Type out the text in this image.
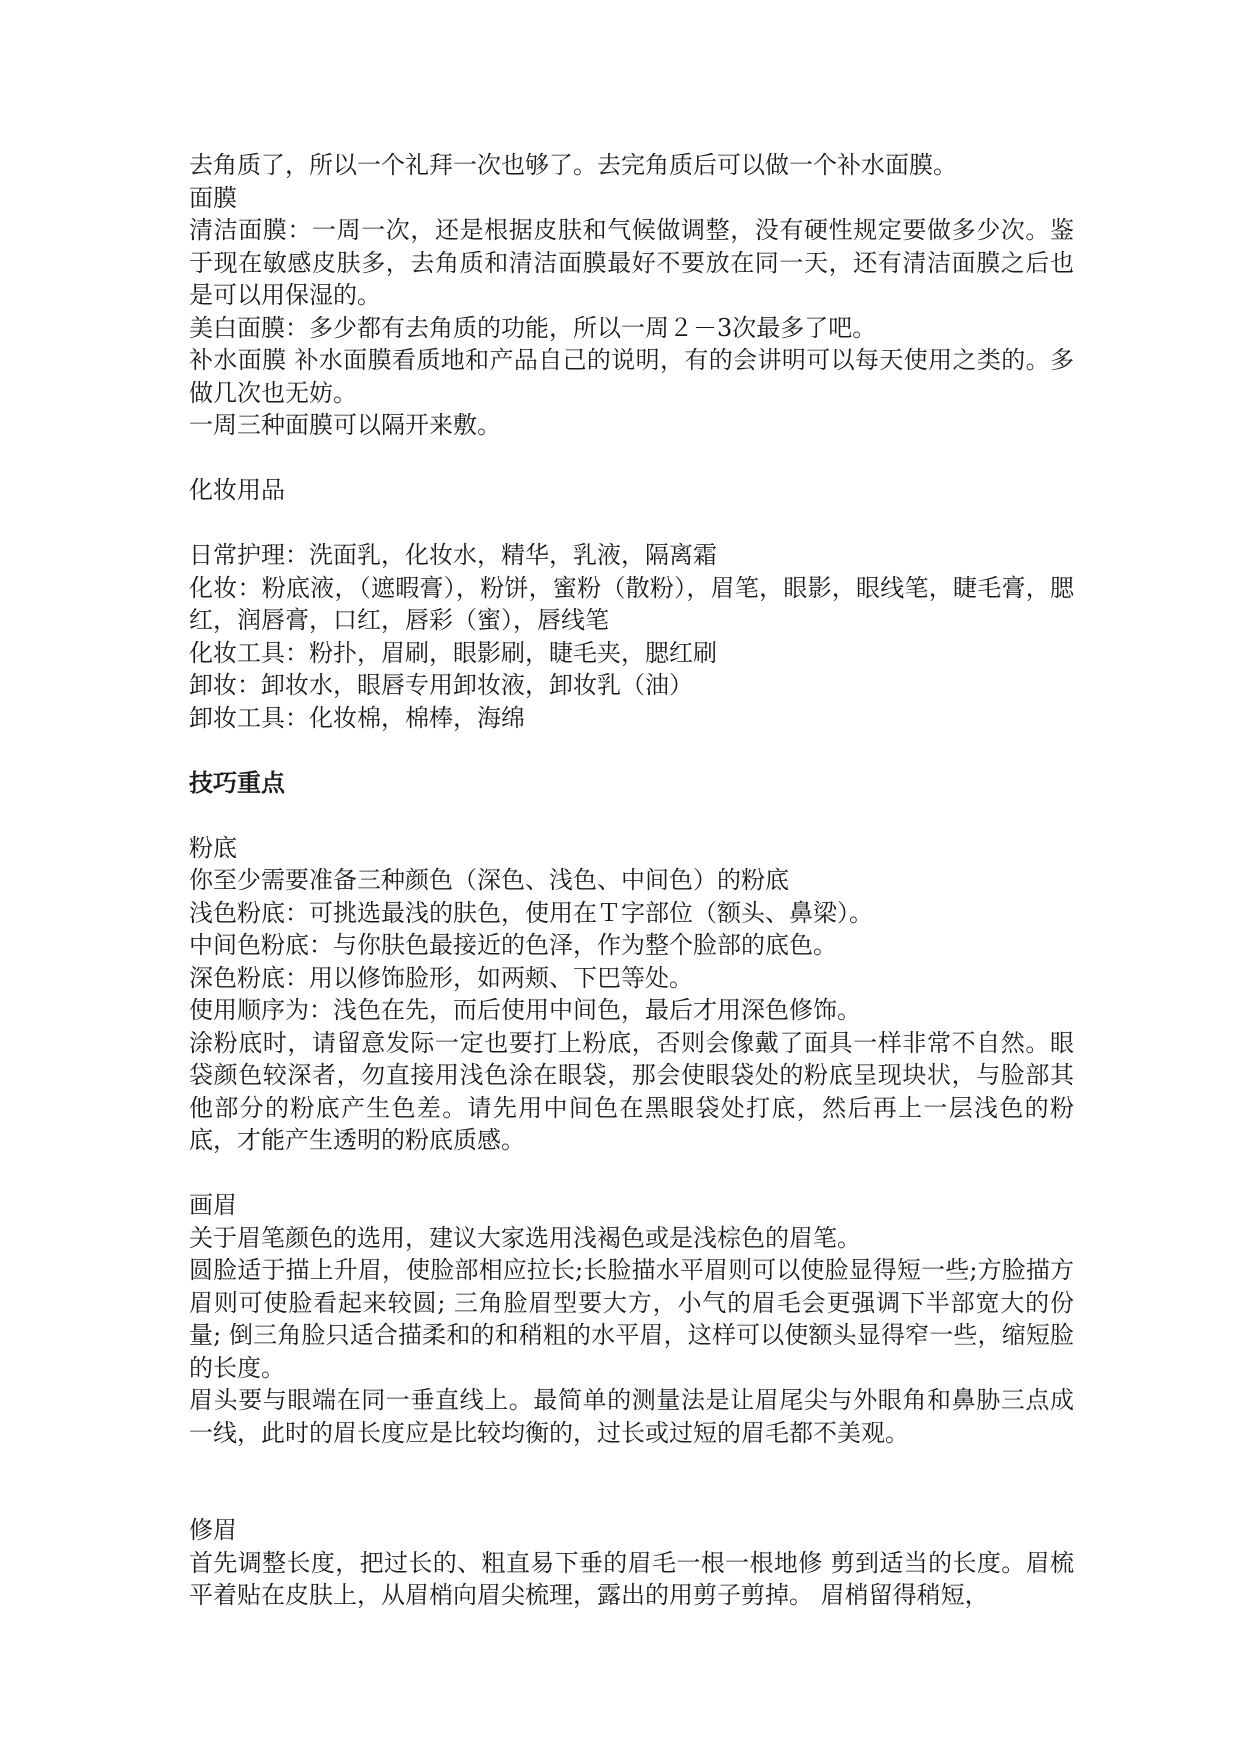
去角质了，所以一个礼拜一次也够了。去完角质后可以做一个补水面膜。

面膜

清洁面膜：一周一次，还是根据皮肤和气候做调整，没有硬性规定要做多少次。鉴于现在敏感皮肤多，去角质和清洁面膜最好不要放在同一天，还有清洁面膜之后也是可以用保湿的。

美白面膜：多少都有去角质的功能，所以一周２－3次最多了吧。

补水面膜 补水面膜看质地和产品自己的说明，有的会讲明可以每天使用之类的。多做几次也无妨。

一周三种面膜可以隔开来敷。

化妆用品

日常护理：洗面乳，化妆水，精华，乳液，隔离霜

化妆：粉底液，（遮暇膏），粉饼，蜜粉（散粉），眉笔，眼影，眼线笔，睫毛膏，腮红，润唇膏，口红，唇彩（蜜），唇线笔

化妆工具：粉扑，眉刷，眼影刷，睫毛夹，腮红刷

卸妆：卸妆水，眼唇专用卸妆液，卸妆乳（油）

卸妆工具：化妆棉，棉棒，海绵

技巧重点

粉底

你至少需要准备三种颜色（深色、浅色、中间色）的粉底

浅色粉底：可挑选最浅的肤色，使用在Ｔ字部位（额头、鼻梁）。

中间色粉底：与你肤色最接近的色泽，作为整个脸部的底色。

深色粉底：用以修饰脸形，如两颊、下巴等处。

使用顺序为：浅色在先，而后使用中间色，最后才用深色修饰。

涂粉底时，请留意发际一定也要打上粉底，否则会像戴了面具一样非常不自然。眼袋颜色较深者，勿直接用浅色涂在眼袋，那会使眼袋处的粉底呈现块状，与脸部其他部分的粉底产生色差。请先用中间色在黑眼袋处打底，然后再上一层浅色的粉底，才能产生透明的粉底质感。

画眉

关于眉笔颜色的选用，建议大家选用浅褐色或是浅棕色的眉笔。

圆脸适于描上升眉，使脸部相应拉长;长脸描水平眉则可以使脸显得短一些;方脸描方眉则可使脸看起来较圆; 三角脸眉型要大方，小气的眉毛会更强调下半部宽大的份量; 倒三角脸只适合描柔和的和稍粗的水平眉，这样可以使额头显得窄一些，缩短脸的长度。

眉头要与眼端在同一垂直线上。最简单的测量法是让眉尾尖与外眼角和鼻胁三点成一线，此时的眉长度应是比较均衡的，过长或过短的眉毛都不美观。

修眉

首先调整长度，把过长的、粗直易下垂的眉毛一根一根地修 剪到适当的长度。眉梳平着贴在皮肤上，从眉梢向眉尖梳理，露出的用剪子剪掉。 眉梢留得稍短，
